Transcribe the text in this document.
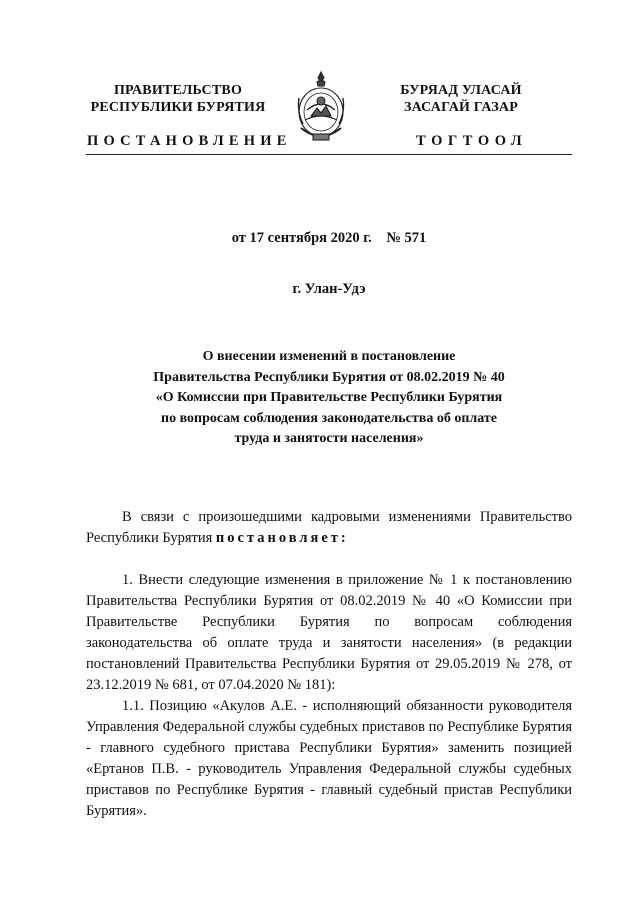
ПРАВИТЕЛЬСТВО
РЕСПУБЛИКИ БУРЯТИЯ
БУРЯАД УЛАСАЙ
ЗАСАГАЙ ГАЗАР
ПОСТАНОВЛЕНИЕ	ТОГТООЛ
от 17 сентября 2020 г. № 571
г. Улан-Удэ
О внесении изменений в постановление
Правительства Республики Бурятия от 08.02.2019 № 40
«О Комиссии при Правительстве Республики Бурятия
по вопросам соблюдения законодательства об оплате
труда и занятости населения»

В связи с произошедшими кадровыми изменениями Правительство Республики Бурятия постановляет:

1. Внести следующие изменения в приложение № 1 к постановлению Правительства Республики Бурятия от 08.02.2019 № 40 «О Комиссии при Правительстве Республики Бурятия по вопросам соблюдения законодательства об оплате труда и занятости населения» (в редакции постановлений Правительства Республики Бурятия от 29.05.2019 № 278, от 23.12.2019 № 681, от 07.04.2020 № 181):

1.1. Позицию «Акулов А.Е. - исполняющий обязанности руководителя Управления Федеральной службы судебных приставов по Республике Бурятия - главного судебного пристава Республики Бурятия» заменить позицией «Ертанов П.В. - руководитель Управления Федеральной службы судебных приставов по Республике Бурятия - главный судебный пристав Республики Бурятия».
